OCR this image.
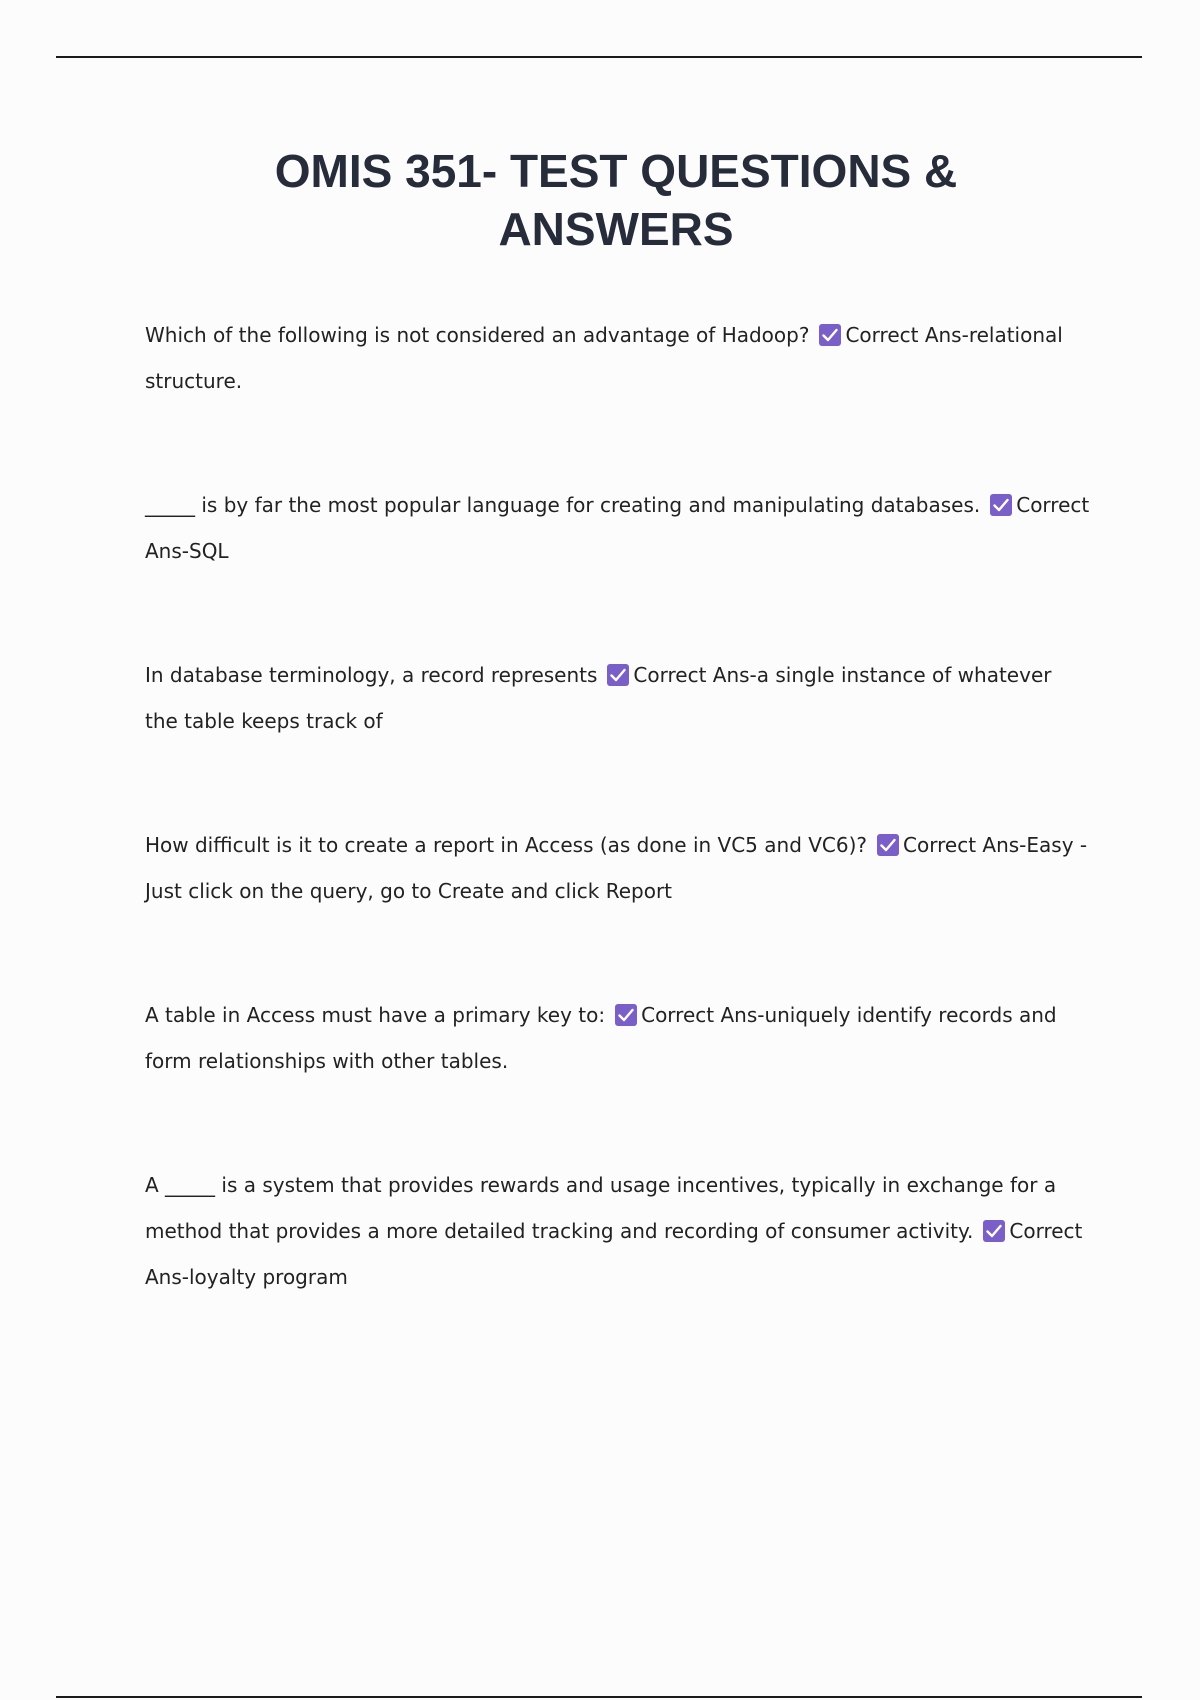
OMIS 351- TEST QUESTIONS & ANSWERS
Which of the following is not considered an advantage of Hadoop? Correct Ans-relational structure.
_____ is by far the most popular language for creating and manipulating databases. Correct Ans-SQL
In database terminology, a record represents Correct Ans-a single instance of whatever the table keeps track of
How difficult is it to create a report in Access (as done in VC5 and VC6)? Correct Ans-Easy - Just click on the query, go to Create and click Report
A table in Access must have a primary key to: Correct Ans-uniquely identify records and form relationships with other tables.
A _____ is a system that provides rewards and usage incentives, typically in exchange for a method that provides a more detailed tracking and recording of consumer activity. Correct Ans-loyalty program
